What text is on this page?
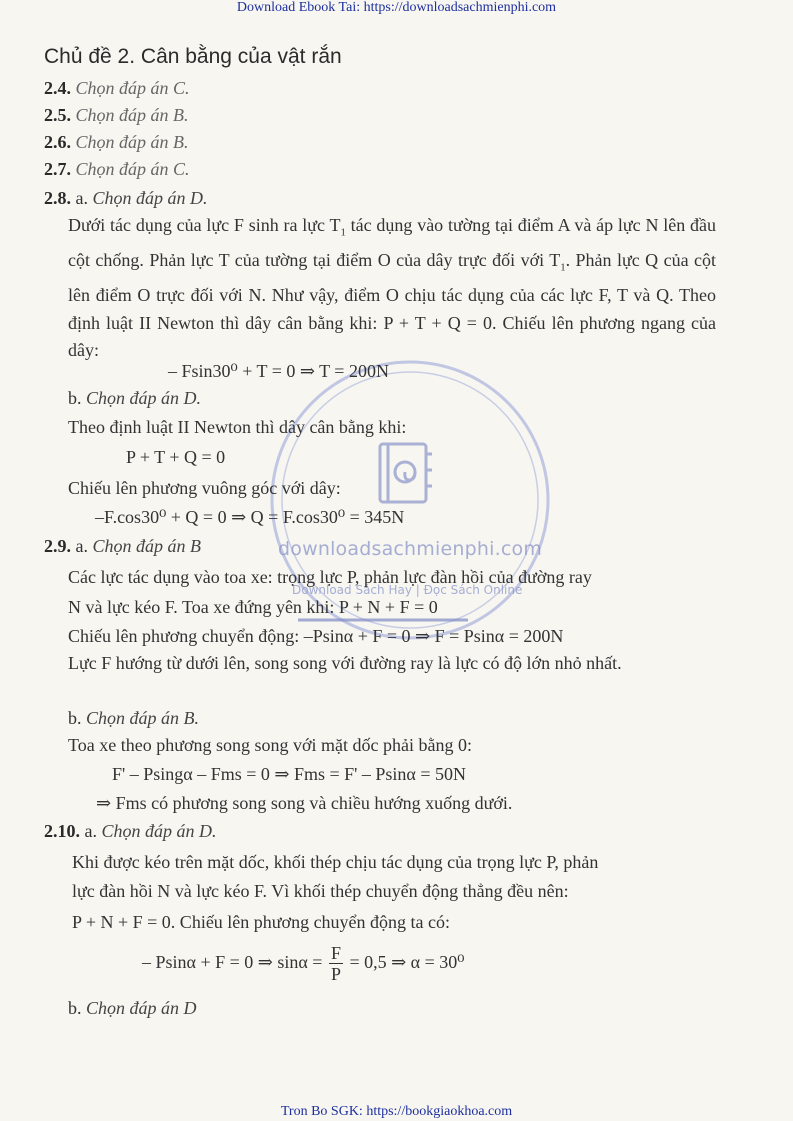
Download Ebook Tai: https://downloadsachmienphi.com
downloadsachmienphi.com
Download Sách Hay | Đọc Sách Online
Chủ đề 2. Cân bằng của vật rắn
2.4. Chọn đáp án C.
2.5. Chọn đáp án B.
2.6. Chọn đáp án B.
2.7. Chọn đáp án C.
2.8. a. Chọn đáp án D.
Dưới tác dụng của lực F sinh ra lực $T_1$ tác dụng vào tường tại điểm A và áp lực N lên đầu cột chống. Phản lực T của tường tại điểm O của dây trực đối với $T_1$. Phản lực Q của cột lên điểm O trực đối với N. Như vậy, điểm O chịu tác dụng của các lực F, T và Q. Theo định luật II Newton thì dây cân bằng khi: P + T + Q = 0. Chiếu lên phương ngang của dây:
– Fsin30⁰ + T = 0 ⇒ T = 200N
b. Chọn đáp án D.
Theo định luật II Newton thì dây cân bằng khi:
P + T + Q = 0
Chiếu lên phương vuông góc với dây:
–F.cos30⁰ + Q = 0 ⇒ Q = F.cos30⁰ = 345N
2.9. a. Chọn đáp án B
Các lực tác dụng vào toa xe: trọng lực P, phản lực đàn hồi của đường ray
N và lực kéo F. Toa xe đứng yên khi: P + N + F = 0
Chiếu lên phương chuyển động: –Psinα + F = 0 ⇒ F = Psinα = 200N
Lực F hướng từ dưới lên, song song với đường ray là lực có độ lớn nhỏ nhất.
b. Chọn đáp án B.
Toa xe theo phương song song với mặt dốc phải bằng 0:
F' – Psingα – Fms = 0 ⇒ Fms = F' – Psinα = 50N
⇒ Fms có phương song song và chiều hướng xuống dưới.
2.10. a. Chọn đáp án D.
Khi được kéo trên mặt dốc, khối thép chịu tác dụng của trọng lực P, phản
lực đàn hồi N và lực kéo F. Vì khối thép chuyển động thẳng đều nên:
P + N + F = 0. Chiếu lên phương chuyển động ta có:
– Psinα + F = 0 ⇒ $\sin\alpha = \frac{F}{P} = 0,5$ ⇒ α = 30⁰
b. Chọn đáp án D
Tron Bo SGK: https://bookgiaokhoa.com
